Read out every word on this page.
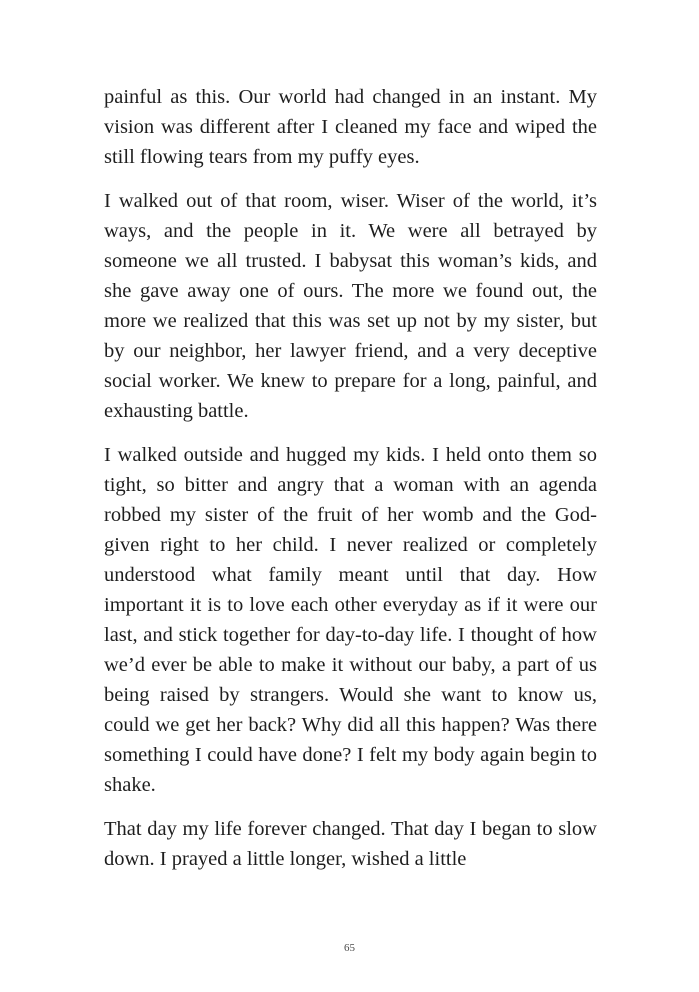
painful as this. Our world had changed in an instant. My vision was different after I cleaned my face and wiped the still flowing tears from my puffy eyes.

I walked out of that room, wiser. Wiser of the world, it’s ways, and the people in it. We were all betrayed by someone we all trusted. I babysat this woman’s kids, and she gave away one of ours. The more we found out, the more we realized that this was set up not by my sister, but by our neighbor, her lawyer friend, and a very deceptive social worker. We knew to prepare for a long, painful, and exhausting battle.

I walked outside and hugged my kids. I held onto them so tight, so bitter and angry that a woman with an agenda robbed my sister of the fruit of her womb and the God-given right to her child. I never realized or completely understood what family meant until that day. How important it is to love each other everyday as if it were our last, and stick together for day-to-day life. I thought of how we’d ever be able to make it without our baby, a part of us being raised by strangers. Would she want to know us, could we get her back? Why did all this happen? Was there something I could have done? I felt my body again begin to shake.

That day my life forever changed. That day I began to slow down. I prayed a little longer, wished a little

65
